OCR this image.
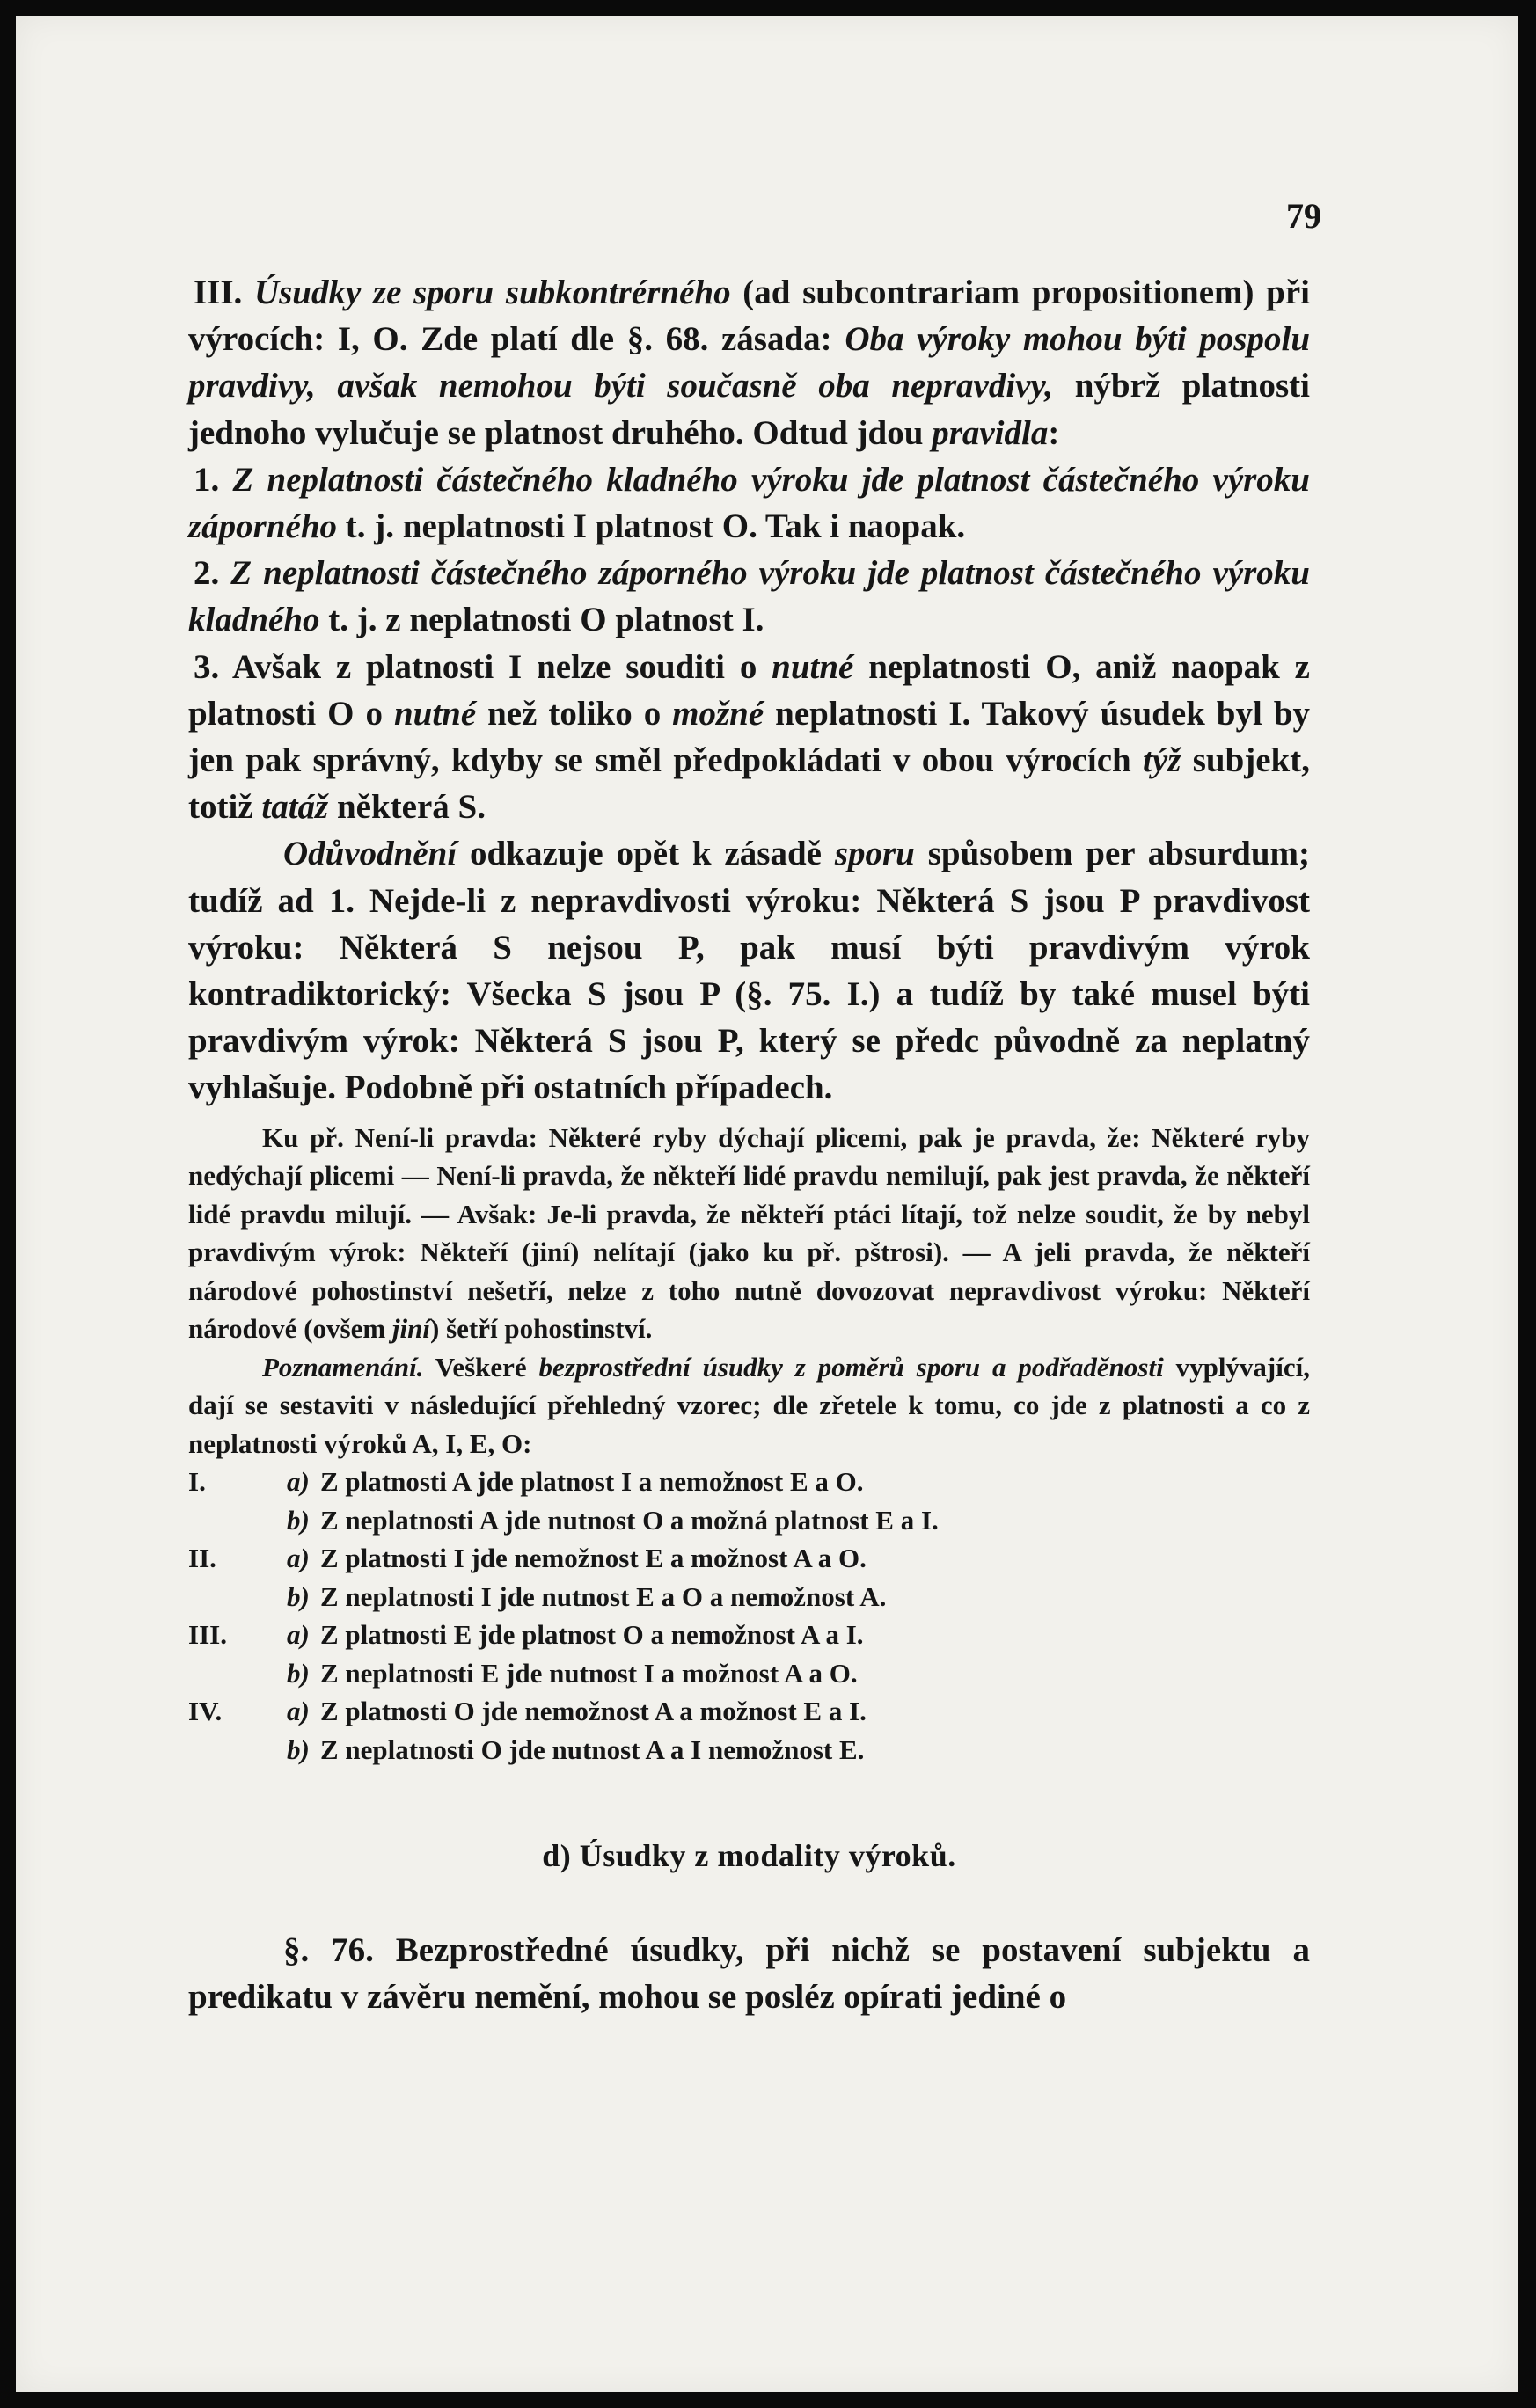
79

III. Úsudky ze sporu subkontrérného (ad subcontrariam propositionem) při výrocích: I, O. Zde platí dle §. 68. zásada: Oba výroky mohou býti pospolu pravdivy, avšak nemohou býti současně oba nepravdivy, nýbrž platnosti jednoho vylučuje se platnost druhého. Odtud jdou pravidla:

1. Z neplatnosti částečného kladného výroku jde platnost částečného výroku záporného t. j. neplatnosti I platnost O. Tak i naopak.

2. Z neplatnosti částečného záporného výroku jde platnost částečného výroku kladného t. j. z neplatnosti O platnost I.

3. Avšak z platnosti I nelze souditi o nutné neplatnosti O, aniž naopak z platnosti O o nutné než toliko o možné neplatnosti I. Takový úsudek byl by jen pak správný, kdyby se směl předpokládati v obou výrocích týž subjekt, totiž tatáž některá S.

Odůvodnění odkazuje opět k zásadě sporu spůsobem per absurdum; tudíž ad 1. Nejde-li z nepravdivosti výroku: Některá S jsou P pravdivost výroku: Některá S nejsou P, pak musí býti pravdivým výrok kontradiktorický: Všecka S jsou P (§. 75. I.) a tudíž by také musel býti pravdivým výrok: Některá S jsou P, který se předc původně za neplatný vyhlašuje. Podobně při ostatních případech.

Ku př. Není-li pravda: Některé ryby dýchají plicemi, pak je pravda, že: Některé ryby nedýchají plicemi — Není-li pravda, že někteří lidé pravdu nemilují, pak jest pravda, že někteří lidé pravdu milují. — Avšak: Je-li pravda, že někteří ptáci lítají, tož nelze soudit, že by nebyl pravdivým výrok: Někteří (jiní) nelítají (jako ku př. pštrosi). — A jeli pravda, že někteří národové pohostinství nešetří, nelze z toho nutně dovozovat nepravdivost výroku: Někteří národové (ovšem jiní) šetří pohostinství.

Poznamenání. Veškeré bezprostřední úsudky z poměrů sporu a podřaděnosti vyplývající, dají se sestaviti v následující přehledný vzorec; dle zřetele k tomu, co jde z platnosti a co z neplatnosti výroků A, I, E, O:

I.	a) Z platnosti A jde platnost I a nemožnost E a O.
b) Z neplatnosti A jde nutnost O a možná platnost E a I.
II.	a) Z platnosti I jde nemožnost E a možnost A a O.
b) Z neplatnosti I jde nutnost E a O a nemožnost A.
III.	a) Z platnosti E jde platnost O a nemožnost A a I.
b) Z neplatnosti E jde nutnost I a možnost A a O.
IV.	a) Z platnosti O jde nemožnost A a možnost E a I.
b) Z neplatnosti O jde nutnost A a I nemožnost E.
d) Úsudky z modality výroků.

§. 76. Bezprostředné úsudky, při nichž se postavení subjektu a predikatu v závěru nemění, mohou se posléz opírati jediné o
